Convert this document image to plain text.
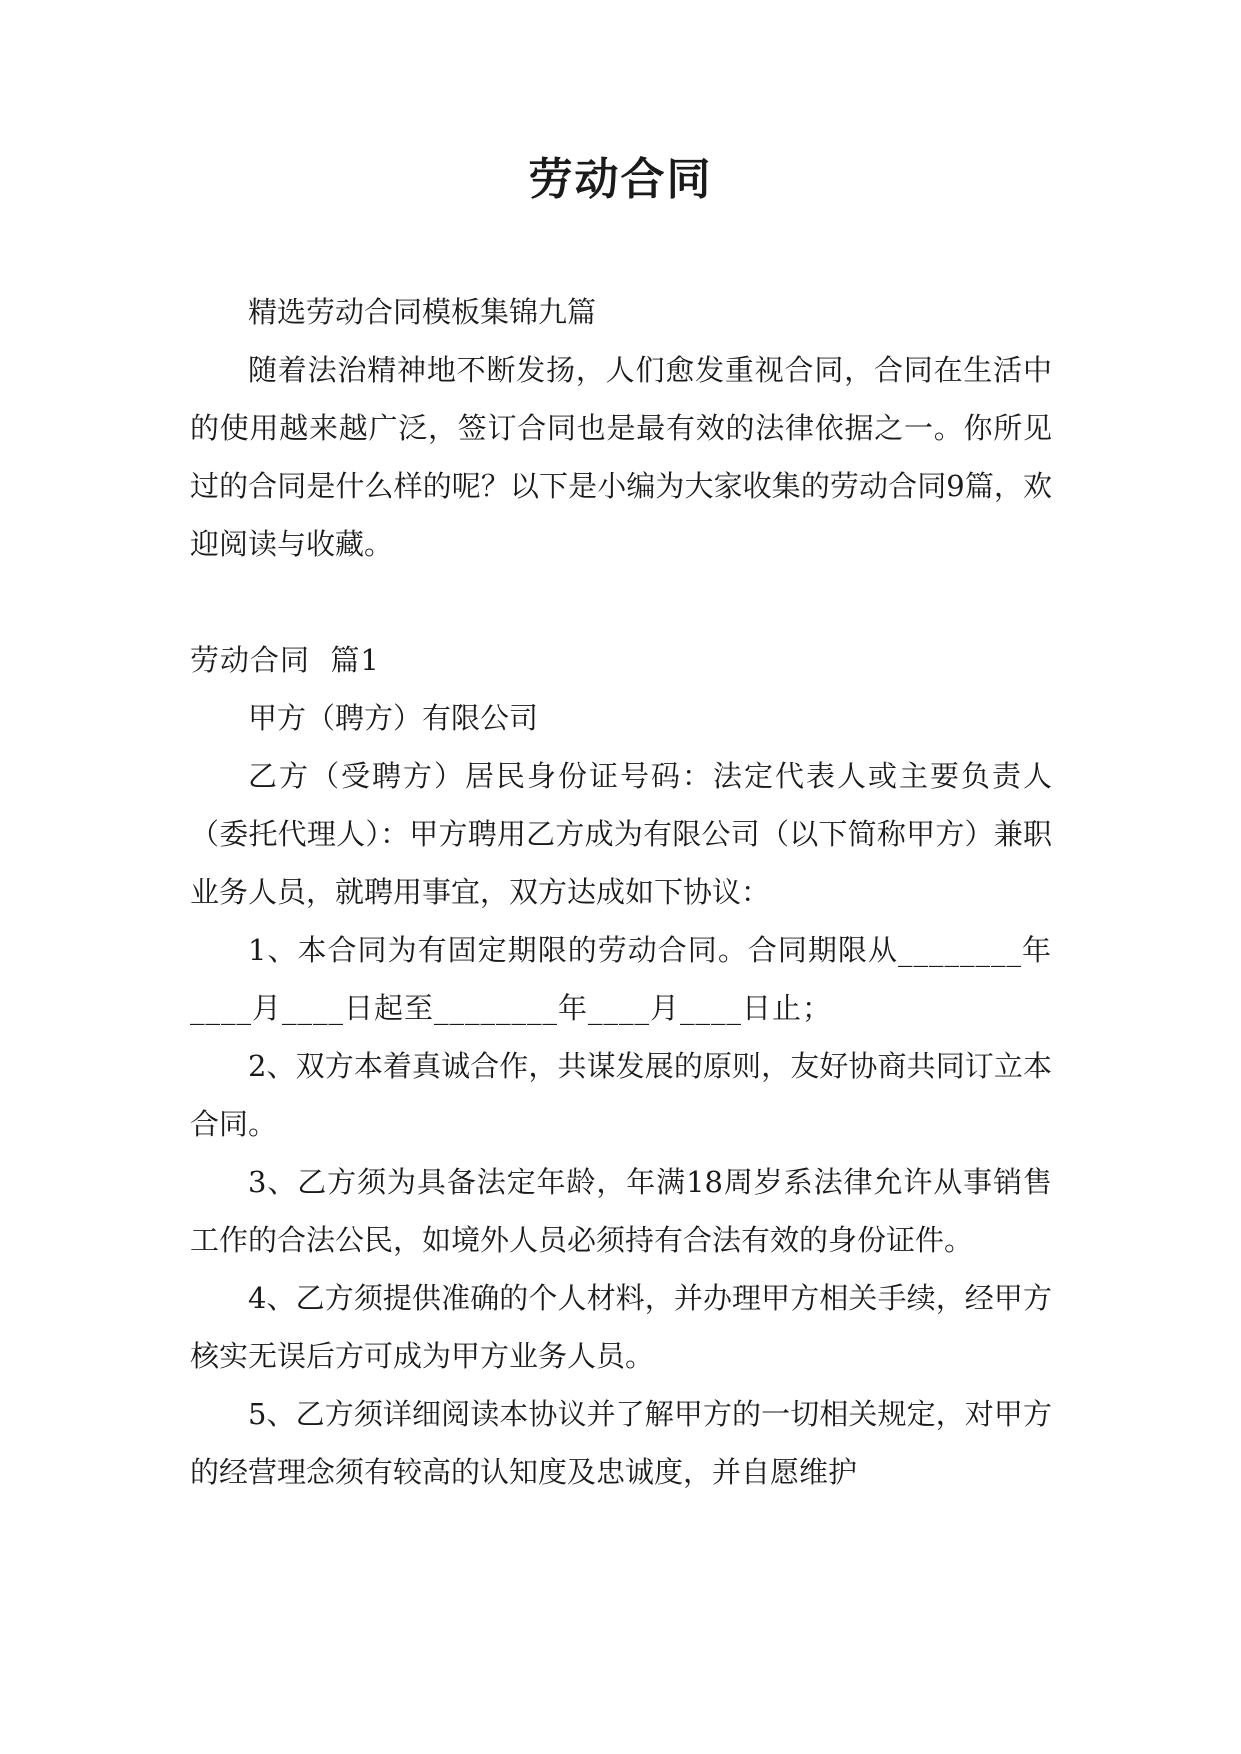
劳动合同

精选劳动合同模板集锦九篇

随着法治精神地不断发扬，人们愈发重视合同，合同在生活中的使用越来越广泛，签订合同也是最有效的法律依据之一。你所见过的合同是什么样的呢？以下是小编为大家收集的劳动合同9篇，欢迎阅读与收藏。

劳动合同  篇1

甲方（聘方）有限公司

乙方（受聘方）居民身份证号码：法定代表人或主要负责人（委托代理人）：甲方聘用乙方成为有限公司（以下简称甲方）兼职业务人员，就聘用事宜，双方达成如下协议：

1、本合同为有固定期限的劳动合同。合同期限从________年____月____日起至________年____月____日止；

2、双方本着真诚合作，共谋发展的原则，友好协商共同订立本合同。

3、乙方须为具备法定年龄，年满18周岁系法律允许从事销售工作的合法公民，如境外人员必须持有合法有效的身份证件。

4、乙方须提供准确的个人材料，并办理甲方相关手续，经甲方核实无误后方可成为甲方业务人员。

5、乙方须详细阅读本协议并了解甲方的一切相关规定，对甲方的经营理念须有较高的认知度及忠诚度，并自愿维护
